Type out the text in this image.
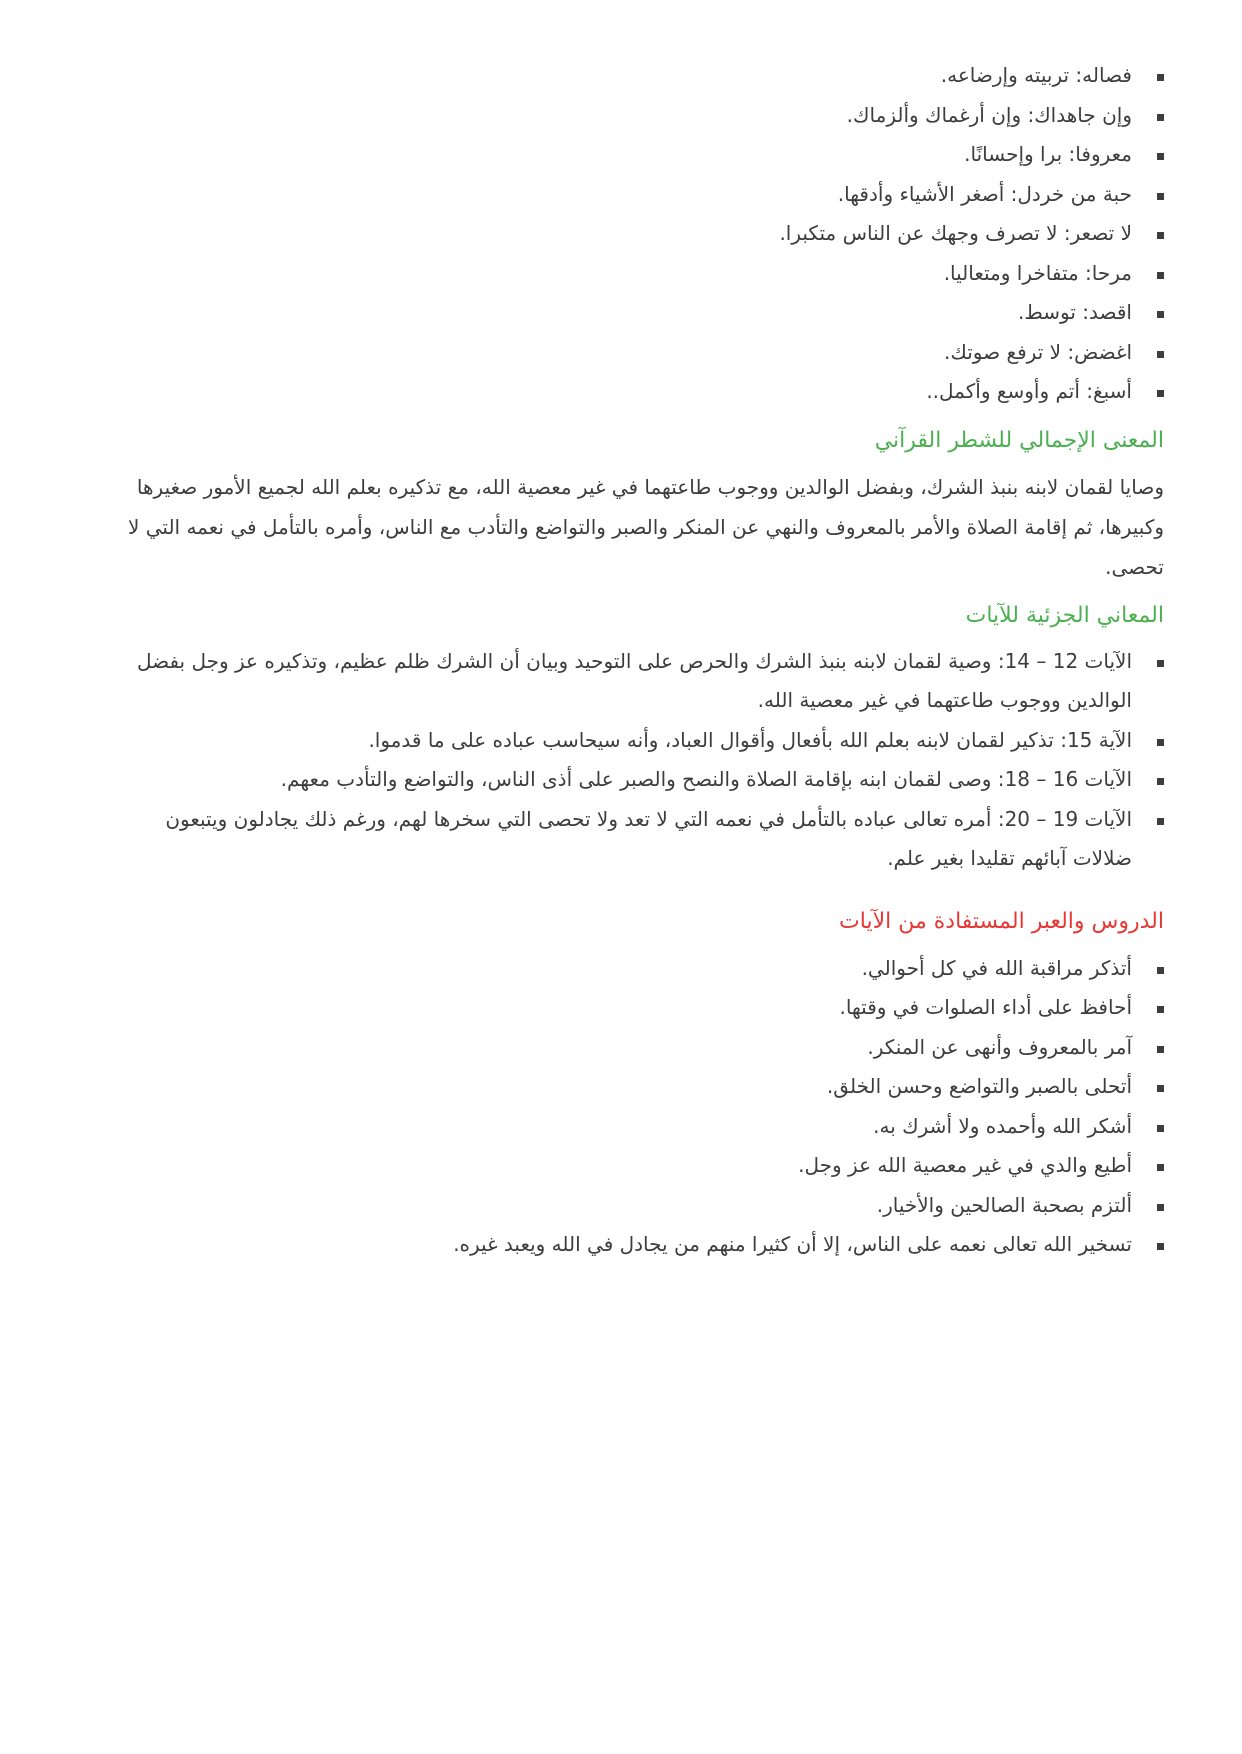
فصاله: تربيته وإرضاعه.
وإن جاهداك: وإن أرغماك وألزماك.
معروفا: برا وإحسانًا.
حبة من خردل: أصغر الأشياء وأدقها.
لا تصعر: لا تصرف وجهك عن الناس متكبرا.
مرحا: متفاخرا ومتعاليا.
اقصد: توسط.
اغضض: لا ترفع صوتك.
أسبغ: أتم وأوسع وأكمل..
المعنى الإجمالي للشطر القرآني

وصايا لقمان لابنه بنبذ الشرك، وبفضل الوالدين ووجوب طاعتهما في غير معصية الله، مع تذكيره بعلم الله لجميع الأمور صغيرها وكبيرها، ثم إقامة الصلاة والأمر بالمعروف والنهي عن المنكر والصبر والتواضع والتأدب مع الناس، وأمره بالتأمل في نعمه التي لا تحصى.

المعاني الجزئية للآيات
الآيات 12 – 14: وصية لقمان لابنه بنبذ الشرك والحرص على التوحيد وبيان أن الشرك ظلم عظيم، وتذكيره عز وجل بفضل الوالدين ووجوب طاعتهما في غير معصية الله.
الآية 15: تذكير لقمان لابنه بعلم الله بأفعال وأقوال العباد، وأنه سيحاسب عباده على ما قدموا.
الآيات 16 – 18: وصى لقمان ابنه بإقامة الصلاة والنصح والصبر على أذى الناس، والتواضع والتأدب معهم.
الآيات 19 – 20: أمره تعالى عباده بالتأمل في نعمه التي لا تعد ولا تحصى التي سخرها لهم، ورغم ذلك يجادلون ويتبعون ضلالات آبائهم تقليدا بغير علم.
الدروس والعبر المستفادة من الآيات
أتذكر مراقبة الله في كل أحوالي.
أحافظ على أداء الصلوات في وقتها.
آمر بالمعروف وأنهى عن المنكر.
أتحلى بالصبر والتواضع وحسن الخلق.
أشكر الله وأحمده ولا أشرك به.
أطيع والدي في غير معصية الله عز وجل.
ألتزم بصحبة الصالحين والأخيار.
تسخير الله تعالى نعمه على الناس، إلا أن كثيرا منهم من يجادل في الله ويعبد غيره.
